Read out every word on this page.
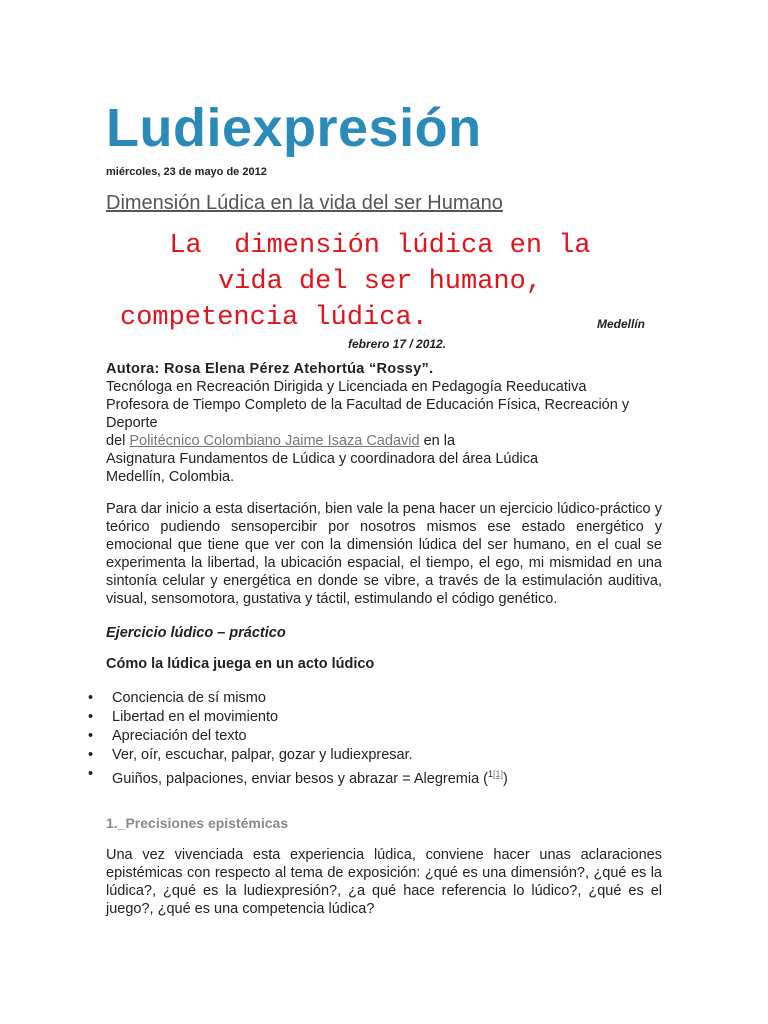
Ludiexpresión
miércoles, 23 de mayo de 2012
Dimensión Lúdica en la vida del ser Humano
La  dimensión lúdica en la
vida del ser humano,

competencia lúdica.	Medellín
febrero 17 / 2012.
Autora: Rosa Elena Pérez Atehortúa “Rossy”.
Tecnóloga en Recreación Dirigida y Licenciada en Pedagogía Reeducativa
Profesora de Tiempo Completo de la Facultad de Educación Física, Recreación y Deporte
del Politécnico Colombiano Jaime Isaza Cadavid en la
Asignatura Fundamentos de Lúdica y coordinadora del área Lúdica
Medellín, Colombia.

Para dar inicio a esta disertación, bien vale la pena hacer un ejercicio lúdico-práctico y teórico pudiendo sensopercibir por nosotros mismos ese estado energético y emocional que tiene que ver con la dimensión lúdica del ser humano, en el cual se experimenta la libertad, la ubicación espacial, el tiempo, el ego, mi mismidad en una sintonía celular y energética en donde se vibre, a través de la estimulación auditiva, visual, sensomotora, gustativa y táctil, estimulando el código genético.

Ejercicio lúdico – práctico
Cómo la lúdica juega en un acto lúdico
• Conciencia de sí mismo
• Libertad en el movimiento
• Apreciación del texto
• Ver, oír, escuchar, palpar, gozar y ludiexpresar.
• Guiños, palpaciones, enviar besos y abrazar = Alegremia ($^{1[1]}$)
1._Precisiones epistémicas

Una vez vivenciada esta experiencia lúdica, conviene hacer unas aclaraciones epistémicas con respecto al tema de exposición: ¿qué es una dimensión?, ¿qué es la lúdica?, ¿qué es la ludiexpresión?, ¿a qué hace referencia lo lúdico?, ¿qué es el juego?, ¿qué es una competencia lúdica?
